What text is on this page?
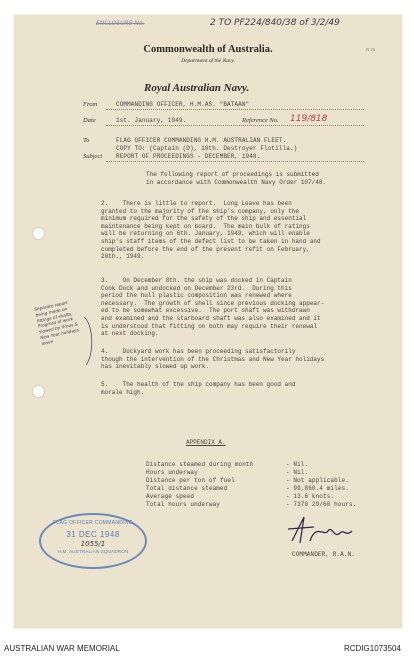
ENCLOSURE No.	2 TO PF224/840/38 of 3/2/49
Commonwealth of Australia.
Department of the Navy.
N 16
Royal Australian Navy.
From	COMMANDING OFFICER, H.M.AS. "BATAAN"
Date	1st. January, 1949.	Reference No. 119/818
To	FLAG OFFICER COMMANDING H.M. AUSTRALIAN FLEET.
COPY TO: (Captain (D), 10th. Destroyer Flotilla.)
Subject REPORT OF PROCEEDINGS - DECEMBER, 1948.
The following report of proceedings is submitted
in accordance with Commonwealth Navy Order 107/48.
2.    There is little to report.  Long Leave has been
granted to the majority of the ship's company, only the
minimum required for the safety of the ship and essential
maintenance being kept on board.  The main bulk of ratings
will be returning on 6th. January, 1949, which will enable
ship's staff items of the defect list to be taken in hand and
completed before the end of the present refit on February,
20th., 1949.
3.    On December 8th. the ship was docked in Captain
Cook Dock and undocked on December 23rd.  During this
period the hull plastic composition was renewed where
necessary.  The growth of shell since previous docking appear-
ed to be somewhat excessive.  The port shaft was withdrawn
and examined and the starboard shaft was also examined and it
is understood that fitting on both may require their renewal
at next docking.
4.    Dockyard work has been proceeding satisfactorily
though the intervention of the Christmas and New Year holidays
has inevitably slowed up work.
5.    The health of the ship company has been good and
morale high.
Separate report
being made on
fittings of shafts.
Progress of work
slowed by Xmas &
New Year holidays
leave
APPENDIX A.
Distance steamed during month	- Nil.
Hours underway	- Nil.
Distance per ton of fuel	- Not applicable.
Total distance steamed	- 99,860.4 miles.
Average speed	- 13.6 knots.
Total hours underway	- 7370 29/60 hours.
COMMANDER, R.A.N.
FLAG OFFICER COMMANDING
31 DEC 1948
1055/1
H.M. AUSTRALIAN SQUADRON
AUSTRALIAN WAR MEMORIAL	RCDIG1073504
